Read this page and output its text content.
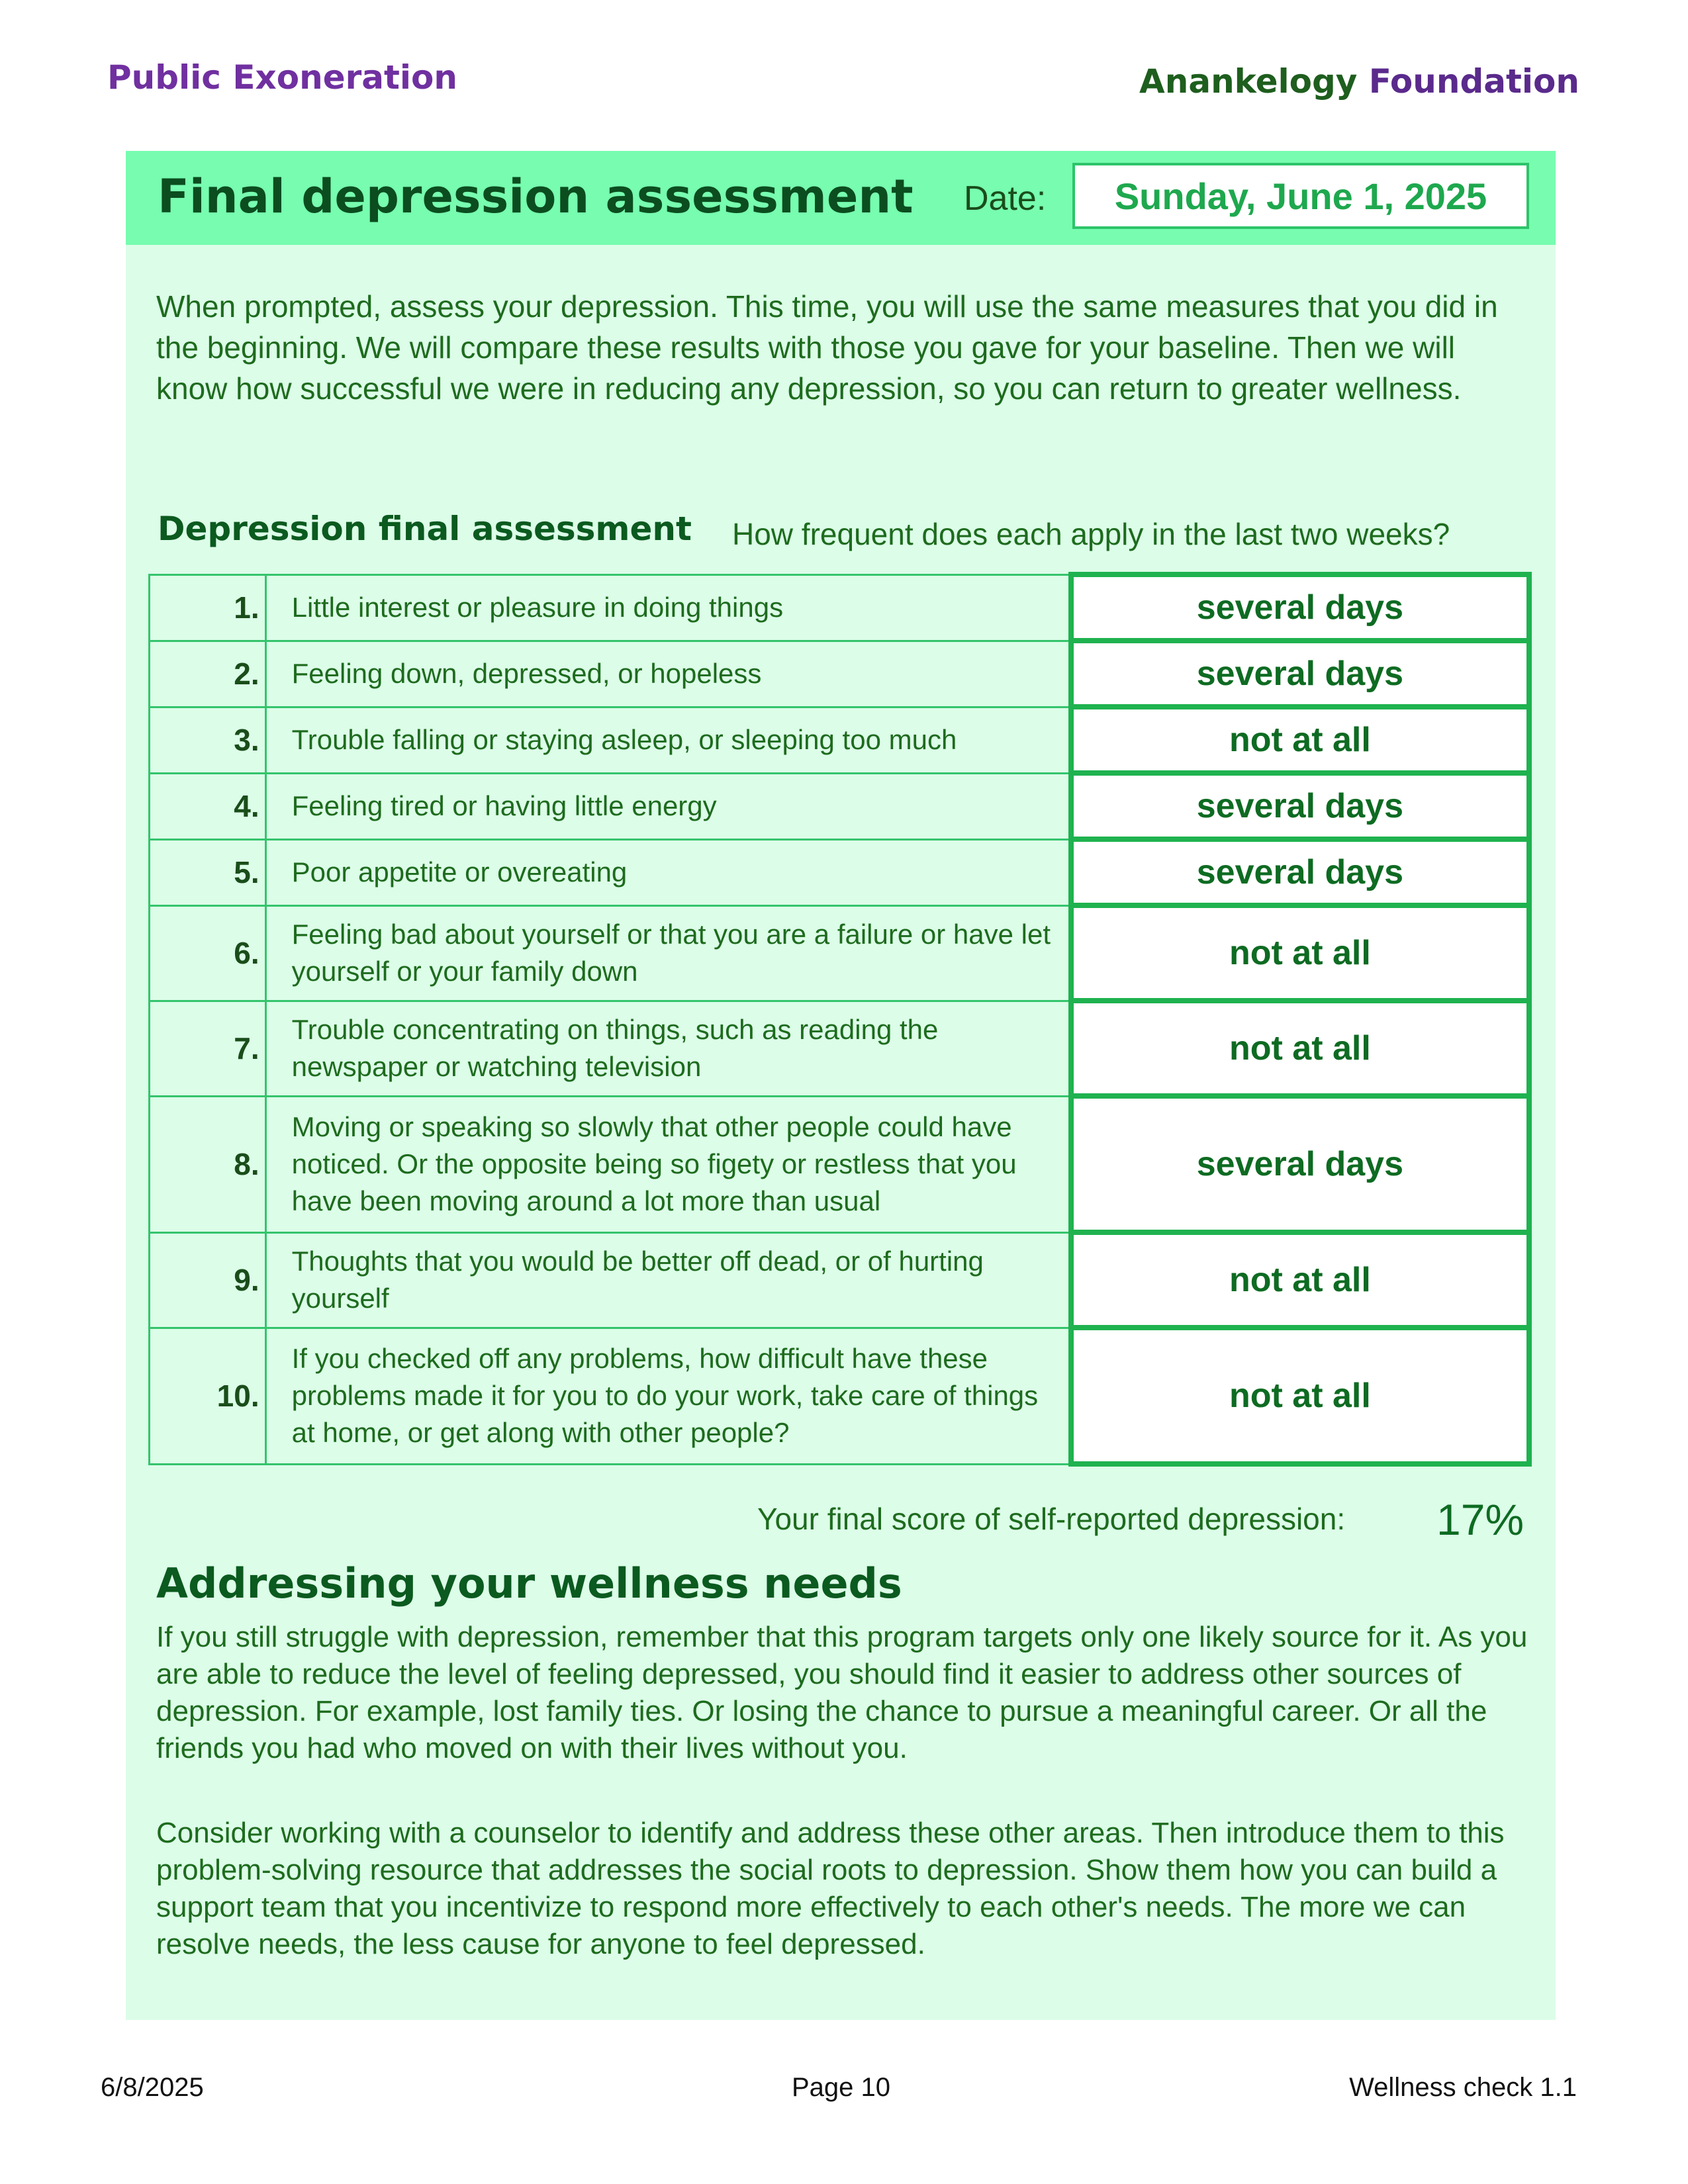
Public Exoneration	Anankelogy Foundation
Final depression assessment Date:	Sunday, June 1, 2025
When prompted, assess your depression. This time, you will use the same measures that you did in the beginning. We will compare these results with those you gave for your baseline. Then we will know how successful we were in reducing any depression, so you can return to greater wellness.
Depression final assessment How frequent does each apply in the last two weeks?
1.	Little interest or pleasure in doing things	several days
2.	Feeling down, depressed, or hopeless	several days
3.	Trouble falling or staying asleep, or sleeping too much	not at all
4.	Feeling tired or having little energy	several days
5.	Poor appetite or overeating	several days
6.	Feeling bad about yourself or that you are a failure or have let yourself or your family down	not at all
7.	Trouble concentrating on things, such as reading the newspaper or watching television	not at all
8.	Moving or speaking so slowly that other people could have noticed. Or the opposite being so figety or restless that you have been moving around a lot more than usual	several days
9.	Thoughts that you would be better off dead, or of hurting yourself	not at all
10.	If you checked off any problems, how difficult have these problems made it for you to do your work, take care of things at home, or get along with other people?	not at all
Your final score of self-reported depression: 17%
Addressing your wellness needs
If you still struggle with depression, remember that this program targets only one likely source for it. As you are able to reduce the level of feeling depressed, you should find it easier to address other sources of depression. For example, lost family ties. Or losing the chance to pursue a meaningful career. Or all the friends you had who moved on with their lives without you.
Consider working with a counselor to identify and address these other areas. Then introduce them to this problem-solving resource that addresses the social roots to depression. Show them how you can build a support team that you incentivize to respond more effectively to each other's needs. The more we can resolve needs, the less cause for anyone to feel depressed.
6/8/2025	Page 10	Wellness check 1.1
